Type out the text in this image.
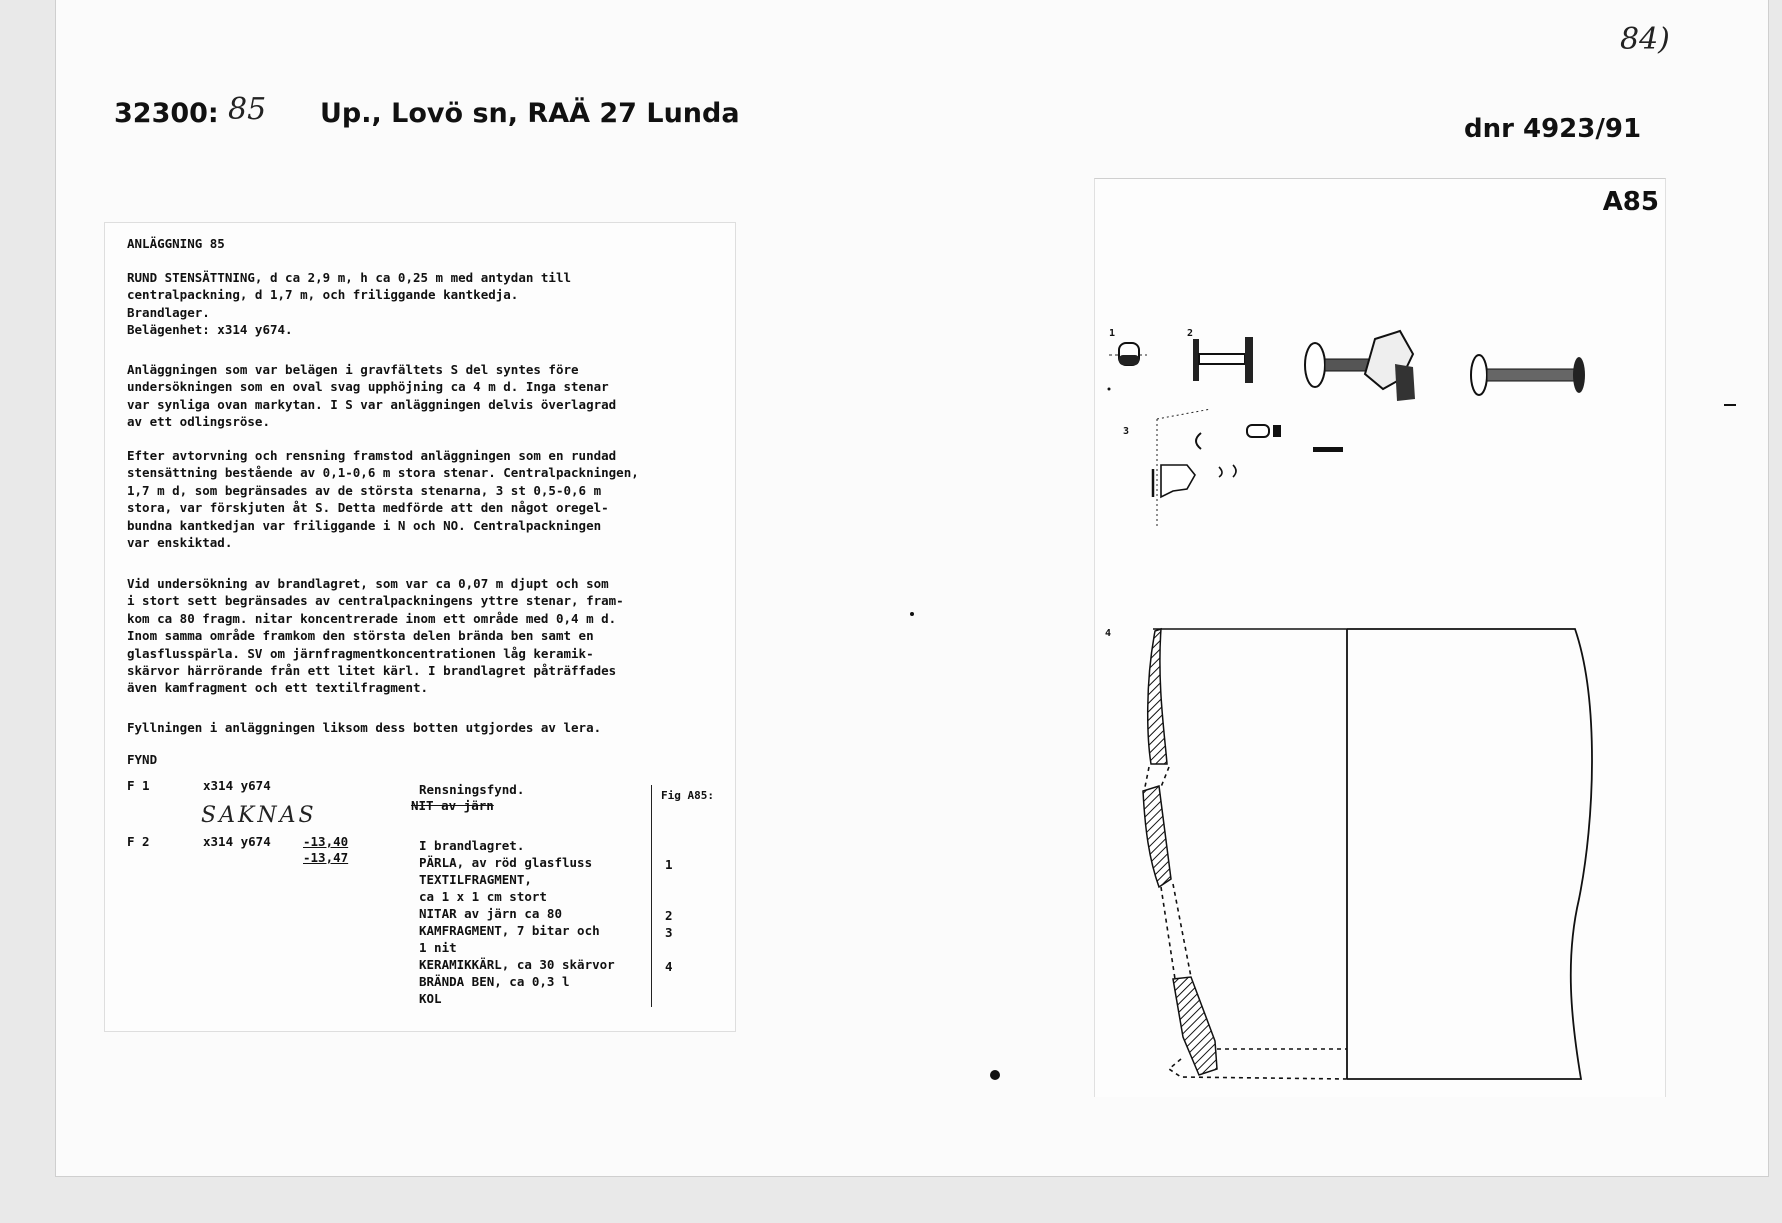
32300: 85 Up., Lovö sn, RAÄ 27 Lunda	dnr 4923/91
84)
ANLÄGGNING 85
RUND STENSÄTTNING, d ca 2,9 m, h ca 0,25 m med antydan till
centralpackning, d 1,7 m, och friliggande kantkedja.
Brandlager.
Belägenhet: x314 y674.
Anläggningen som var belägen i gravfältets S del syntes före
undersökningen som en oval svag upphöjning ca 4 m d. Inga stenar
var synliga ovan markytan. I S var anläggningen delvis överlagrad
av ett odlingsröse.
Efter avtorvning och rensning framstod anläggningen som en rundad
stensättning bestående av 0,1-0,6 m stora stenar. Centralpackningen,
1,7 m d, som begränsades av de största stenarna, 3 st 0,5-0,6 m
stora, var förskjuten åt S. Detta medförde att den något oregel-
bundna kantkedjan var friliggande i N och NO. Centralpackningen
var enskiktad.
Vid undersökning av brandlagret, som var ca 0,07 m djupt och som
i stort sett begränsades av centralpackningens yttre stenar, fram-
kom ca 80 fragm. nitar koncentrerade inom ett område med 0,4 m d.
Inom samma område framkom den största delen brända ben samt en
glasflusspärla. SV om järnfragmentkoncentrationen låg keramik-
skärvor härrörande från ett litet kärl. I brandlagret påträffades
även kamfragment och ett textilfragment.
Fyllningen i anläggningen liksom dess botten utgjordes av lera.
FYND
F 1	x314 y674	Rensningsfynd.
NIT av järn
SAKNAS
Fig A85:
F 2	x314 y674	-13,40
-13,47
I brandlagret.
PÄRLA, av röd glasfluss	1
TEXTILFRAGMENT,
ca 1 x 1 cm stort
NITAR av järn ca 80	2
KAMFRAGMENT, 7 bitar och	3
1 nit
KERAMIKKÄRL, ca 30 skärvor	4
BRÄNDA BEN, ca 0,3 l
KOL
A85
1	2
3
4
